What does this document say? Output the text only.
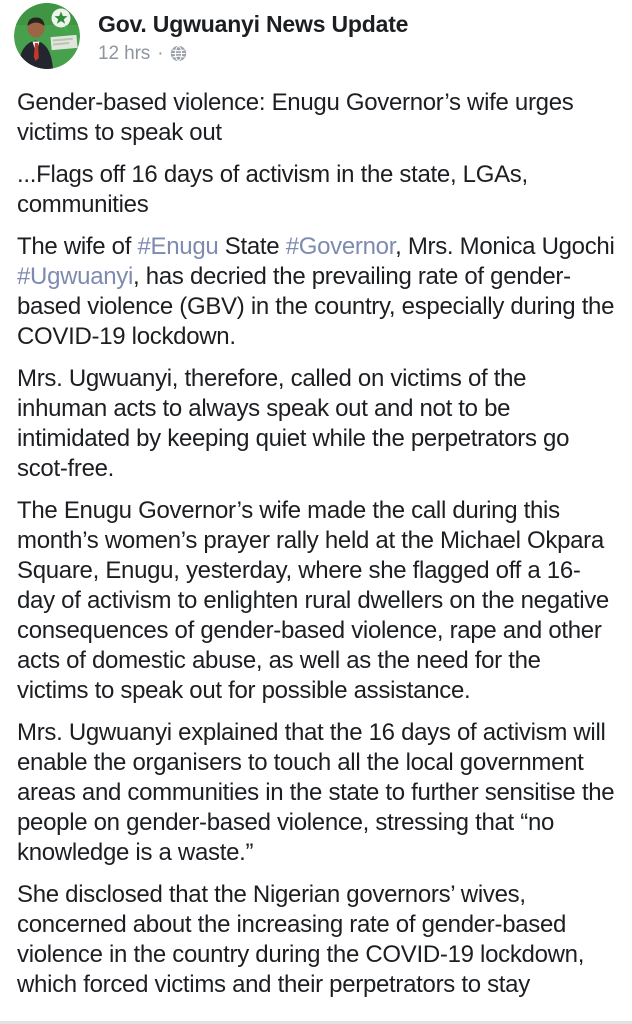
Gov. Ugwuanyi News Update
12 hrs ·

Gender-based violence: Enugu Governor’s wife urges victims to speak out

...Flags off 16 days of activism in the state, LGAs, communities

The wife of #Enugu State #Governor, Mrs. Monica Ugochi #Ugwuanyi, has decried the prevailing rate of gender-based violence (GBV) in the country, especially during the COVID-19 lockdown.

Mrs. Ugwuanyi, therefore, called on victims of the inhuman acts to always speak out and not to be intimidated by keeping quiet while the perpetrators go scot-free.

The Enugu Governor’s wife made the call during this month’s women’s prayer rally held at the Michael Okpara Square, Enugu, yesterday, where she flagged off a 16-day of activism to enlighten rural dwellers on the negative consequences of gender-based violence, rape and other acts of domestic abuse, as well as the need for the victims to speak out for possible assistance.

Mrs. Ugwuanyi explained that the 16 days of activism will enable the organisers to touch all the local government areas and communities in the state to further sensitise the people on gender-based violence, stressing that “no knowledge is a waste.”

She disclosed that the Nigerian governors’ wives, concerned about the increasing rate of gender-based violence in the country during the COVID-19 lockdown, which forced victims and their perpetrators to stay
